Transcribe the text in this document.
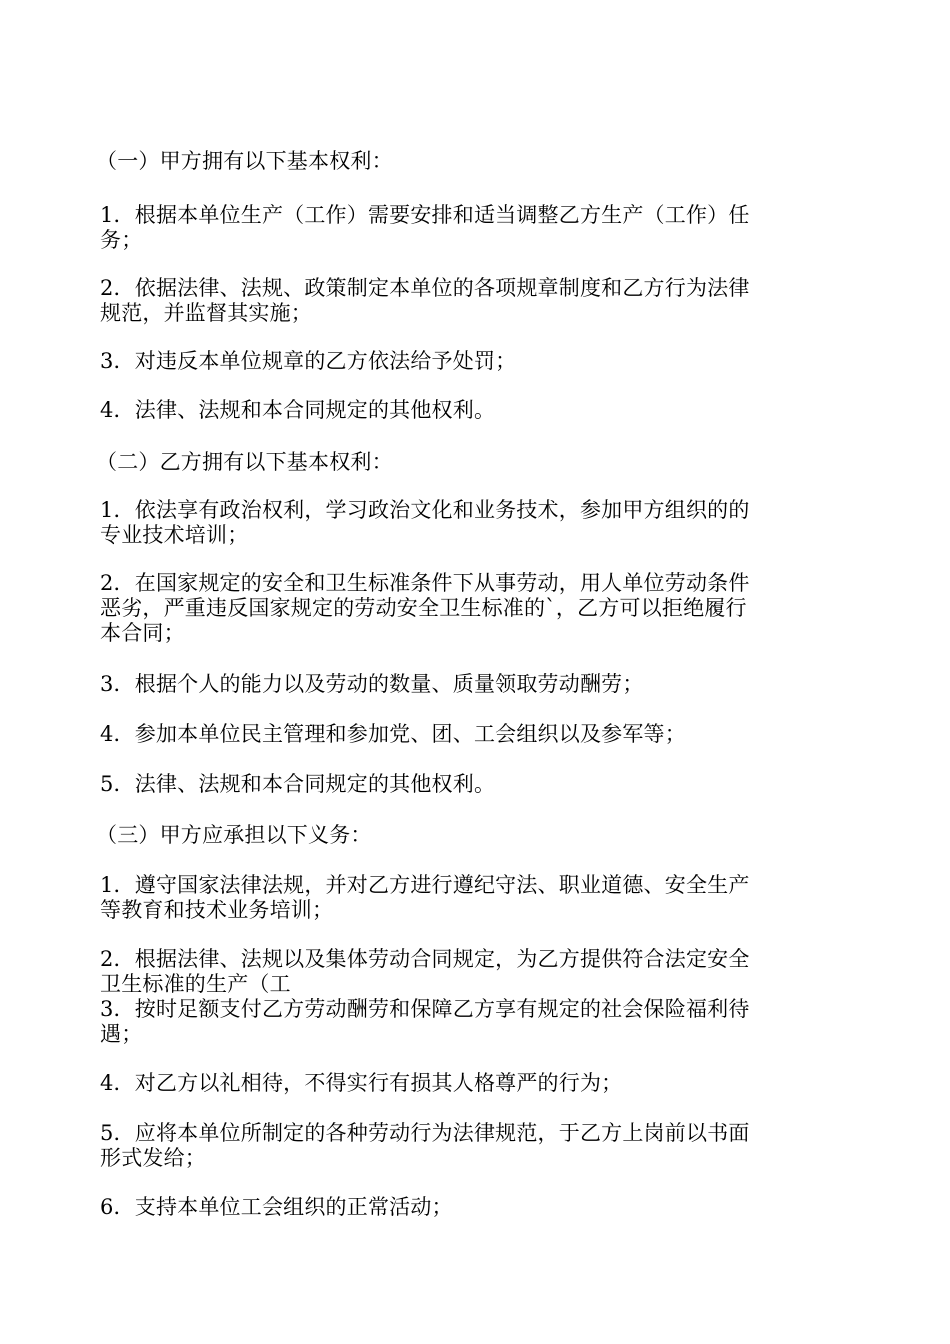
（一）甲方拥有以下基本权利：
1．根据本单位生产（工作）需要安排和适当调整乙方生产（工作）任
务；
2．依据法律、法规、政策制定本单位的各项规章制度和乙方行为法律
规范，并监督其实施；
3．对违反本单位规章的乙方依法给予处罚；
4．法律、法规和本合同规定的其他权利。
（二）乙方拥有以下基本权利：
1．依法享有政治权利，学习政治文化和业务技术，参加甲方组织的的
专业技术培训；
2．在国家规定的安全和卫生标准条件下从事劳动，用人单位劳动条件
恶劣，严重违反国家规定的劳动安全卫生标准的`，乙方可以拒绝履行
本合同；
3．根据个人的能力以及劳动的数量、质量领取劳动酬劳；
4．参加本单位民主管理和参加党、团、工会组织以及参军等；
5．法律、法规和本合同规定的其他权利。
（三）甲方应承担以下义务：
1．遵守国家法律法规，并对乙方进行遵纪守法、职业道德、安全生产
等教育和技术业务培训；
2．根据法律、法规以及集体劳动合同规定，为乙方提供符合法定安全
卫生标准的生产（工
3．按时足额支付乙方劳动酬劳和保障乙方享有规定的社会保险福利待
遇；
4．对乙方以礼相待，不得实行有损其人格尊严的行为；
5．应将本单位所制定的各种劳动行为法律规范，于乙方上岗前以书面
形式发给；
6．支持本单位工会组织的正常活动；
